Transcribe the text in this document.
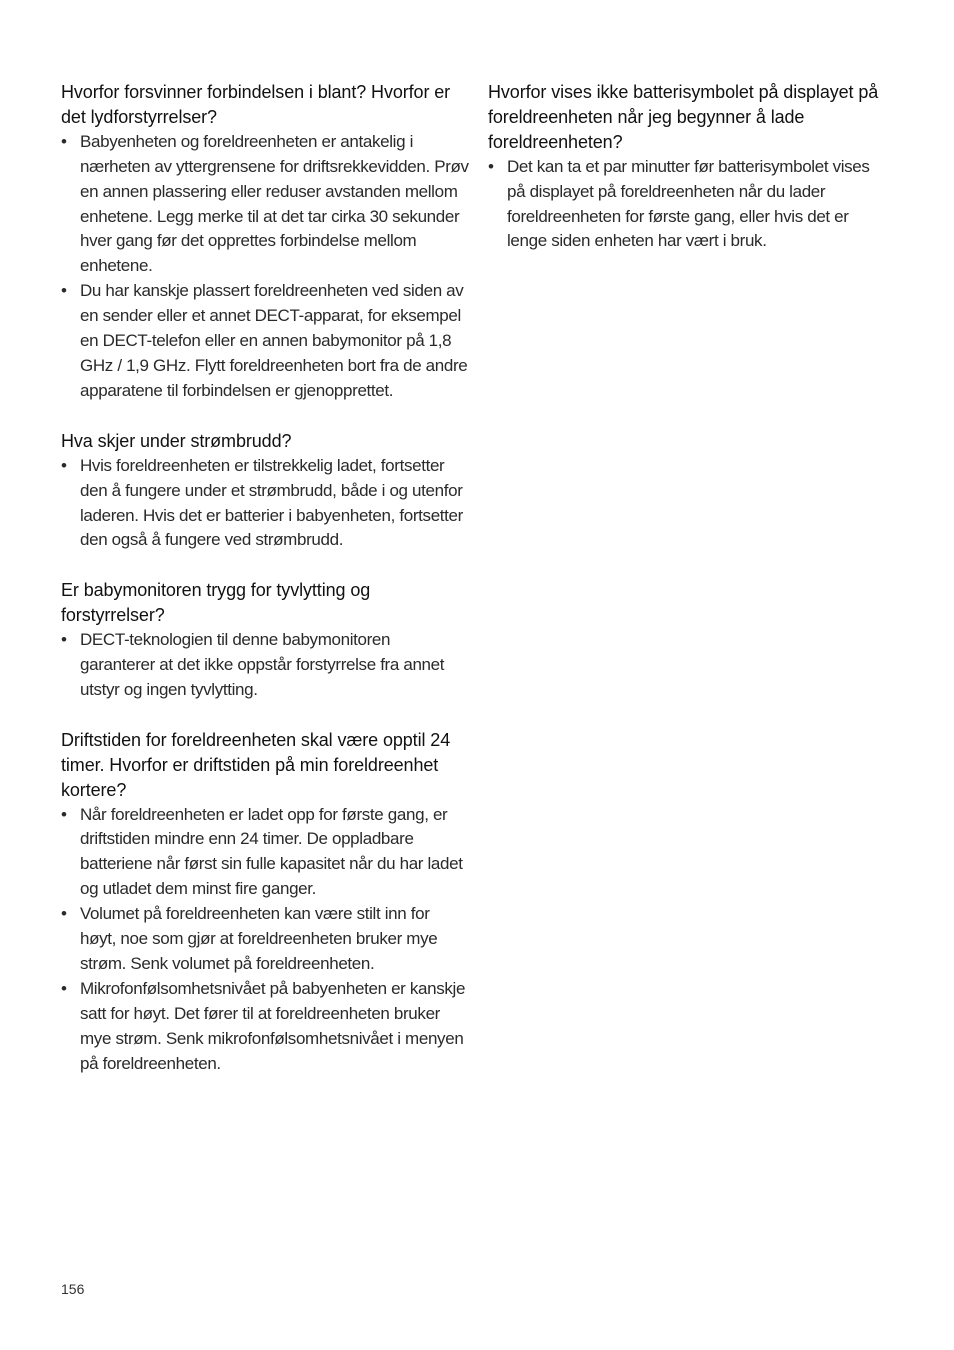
Hvorfor forsvinner forbindelsen i blant? Hvorfor er det lydforstyrrelser?
• Babyenheten og foreldreenheten er antakelig i nærheten av yttergrensene for driftsrekkevidden. Prøv en annen plassering eller reduser avstanden mellom enhetene. Legg merke til at det tar cirka 30 sekunder hver gang før det opprettes forbindelse mellom enhetene.
• Du har kanskje plassert foreldreenheten ved siden av en sender eller et annet DECT-apparat, for eksempel en DECT-telefon eller en annen babymonitor på 1,8 GHz / 1,9 GHz. Flytt foreldreenheten bort fra de andre apparatene til forbindelsen er gjenopprettet.
Hva skjer under strømbrudd?
• Hvis foreldreenheten er tilstrekkelig ladet, fortsetter den å fungere under et strømbrudd, både i og utenfor laderen. Hvis det er batterier i babyenheten, fortsetter den også å fungere ved strømbrudd.
Er babymonitoren trygg for tyvlytting og forstyrrelser?
• DECT-teknologien til denne babymonitoren garanterer at det ikke oppstår forstyrrelse fra annet utstyr og ingen tyvlytting.
Driftstiden for foreldreenheten skal være opptil 24 timer. Hvorfor er driftstiden på min foreldreenhet kortere?
• Når foreldreenheten er ladet opp for første gang, er driftstiden mindre enn 24 timer. De oppladbare batteriene når først sin fulle kapasitet når du har ladet og utladet dem minst fire ganger.
• Volumet på foreldreenheten kan være stilt inn for høyt, noe som gjør at foreldreenheten bruker mye strøm. Senk volumet på foreldreenheten.
• Mikrofonfølsomhetsnivået på babyenheten er kanskje satt for høyt. Det fører til at foreldreenheten bruker mye strøm. Senk mikrofonfølsomhetsnivået i menyen på foreldreenheten.
Hvorfor vises ikke batterisymbolet på displayet på foreldreenheten når jeg begynner å lade foreldreenheten?
• Det kan ta et par minutter før batterisymbolet vises på displayet på foreldreenheten når du lader foreldreenheten for første gang, eller hvis det er lenge siden enheten har vært i bruk.
156
